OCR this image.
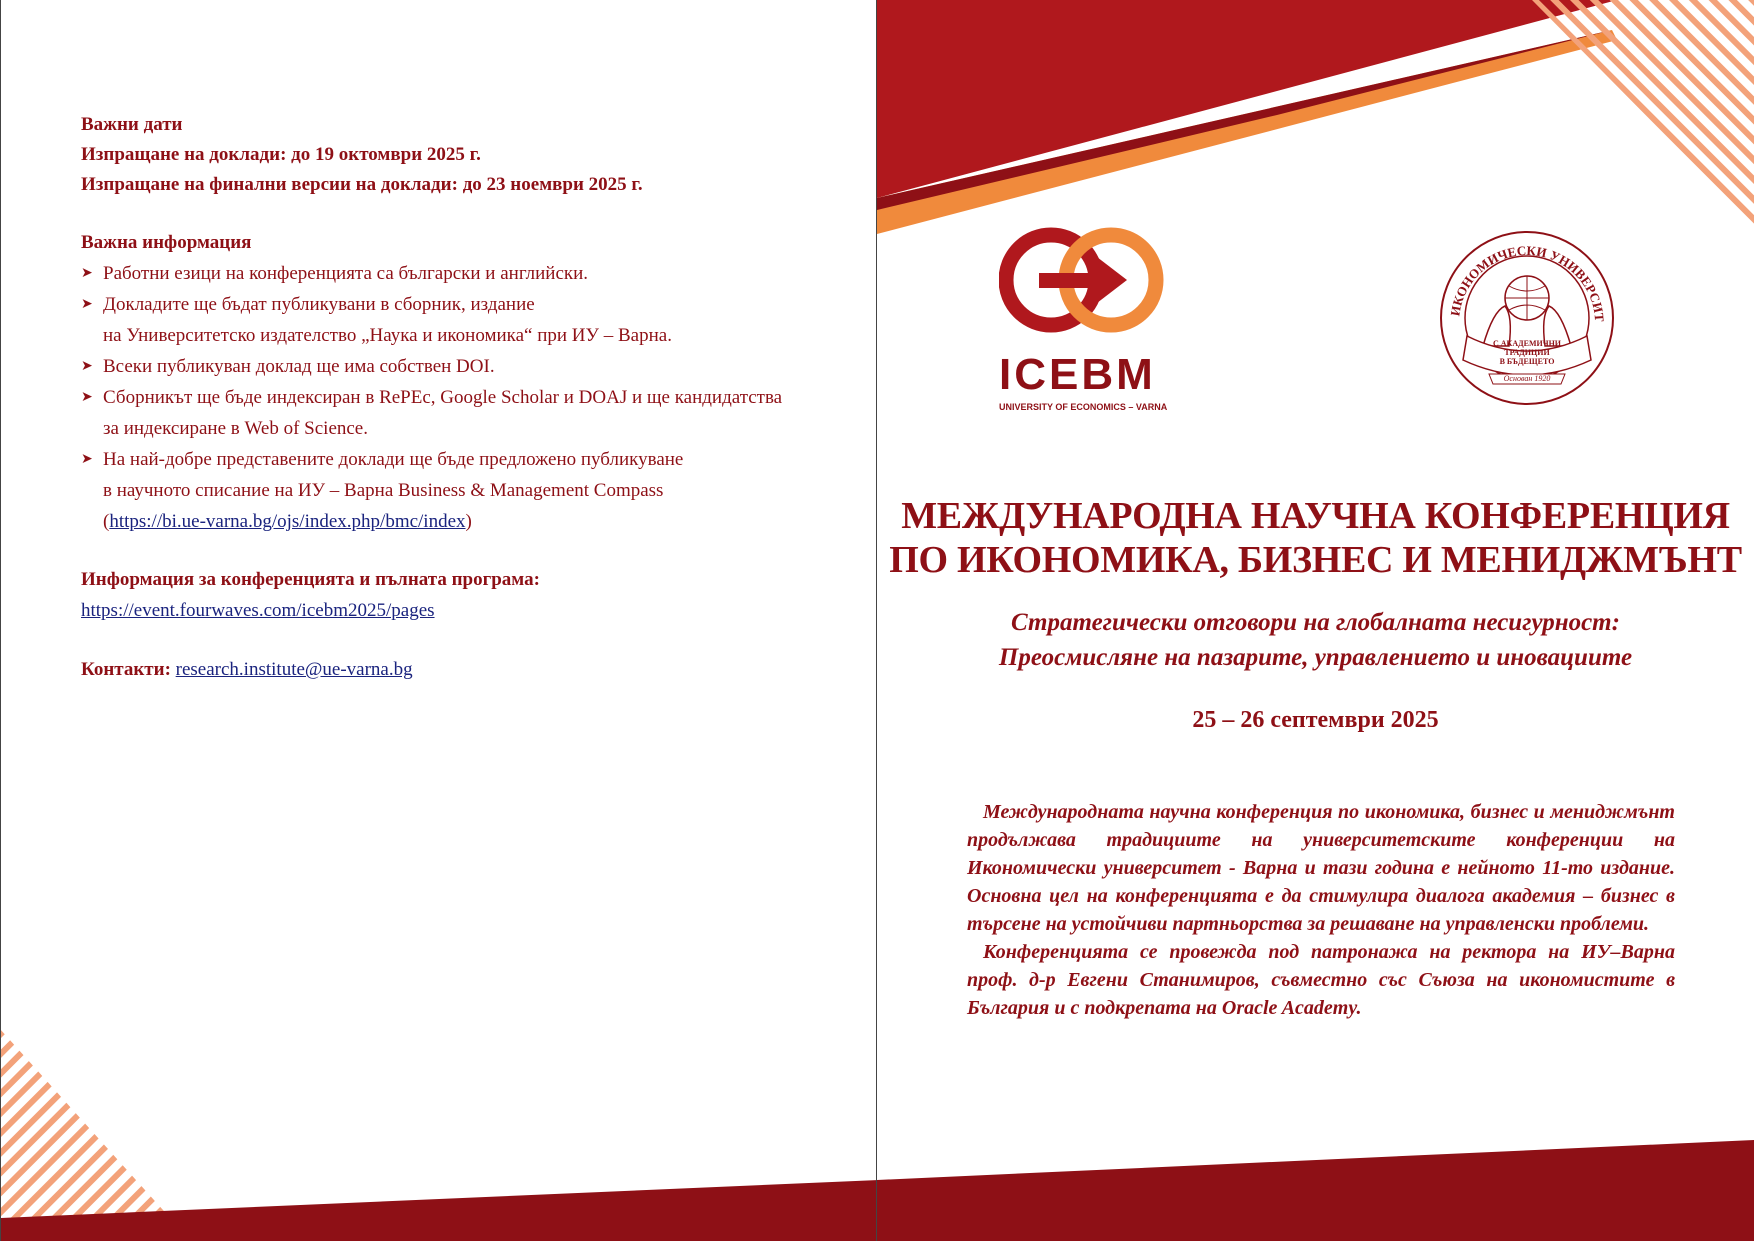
Важни дати
Изпращане на доклади: до 19 октомври 2025 г.
Изпращане на финални версии на доклади: до 23 ноември 2025 г.
Важна информация
➤ Работни езици на конференцията са български и английски.
➤ Докладите ще бъдат публикувани в сборник, издание
на Университетско издателство „Наука и икономика“ при ИУ – Варна.
➤ Всеки публикуван доклад ще има собствен DOI.
➤ Сборникът ще бъде индексиран в RePEc, Google Scholar и DOAJ и ще кандидатства
за индексиране в Web of Science.
➤ На най-добре представените доклади ще бъде предложено публикуване
в научното списание на ИУ – Варна Business & Management Compass
(https://bi.ue-varna.bg/ojs/index.php/bmc/index)
Информация за конференцията и пълната програма:
https://event.fourwaves.com/icebm2025/pages
Контакти: research.institute@ue-varna.bg
ICEBM
UNIVERSITY OF ECONOMICS – VARNA
ИКОНОМИЧЕСКИ УНИВЕРСИТ
С АКАДЕМИЧНИ
ТРАДИЦИИ
В БЪДЕЩЕТО
Основан 1920
МЕЖДУНАРОДНА НАУЧНА КОНФЕРЕНЦИЯ
ПО ИКОНОМИКА, БИЗНЕС И МЕНИДЖМЪНТ
Стратегически отговори на глобалната несигурност:
Преосмисляне на пазарите, управлението и иновациите
25 – 26 септември 2025

Международната научна конференция по икономика, бизнес и мениджмънт продължава традициите на университетските конференции на Икономически университет - Варна и тази година е нейното 11-то издание. Основна цел на конференцията е да стимулира диалога академия – бизнес в търсене на устойчиви партньорства за решаване на управленски проблеми.

Конференцията се провежда под патронажа на ректора на ИУ–Варна проф. д-р Евгени Станимиров, съвместно със Съюза на икономистите в България и с подкрепата на Oracle Academy.
